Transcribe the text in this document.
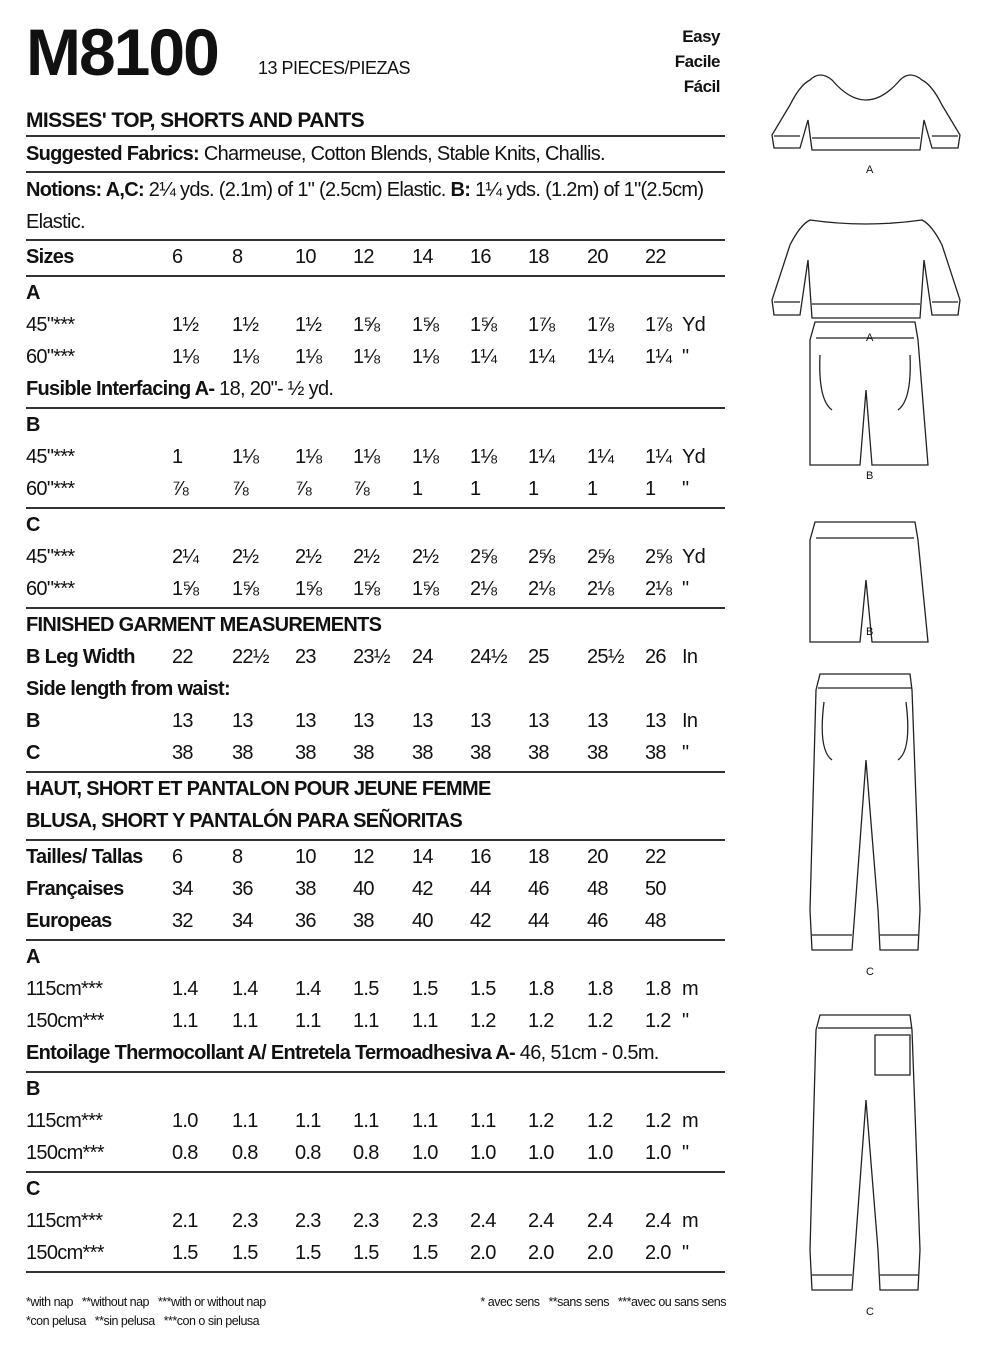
M8100 13 PIECES/PIEZAS
Easy
Facile
Fácil
MISSES' TOP, SHORTS AND PANTS
Suggested Fabrics: Charmeuse, Cotton Blends, Stable Knits, Challis.
Notions: A,C: 2¼ yds. (2.1m) of 1" (2.5cm) Elastic. B: 1¼ yds. (1.2m) of 1"(2.5cm) Elastic.
Sizes	6 8	10 12 14 16 18 20 22
A
45"***	1½ 1½ 1½ 1⅝ 1⅝ 1⅝ 1⅞ 1⅞ 1⅞ Yd
60"***	1⅛ 1⅛ 1⅛ 1⅛ 1⅛ 1¼ 1¼ 1¼ 1¼ "
Fusible Interfacing A- 18, 20"- ½ yd.
B
45"***	1 1⅛ 1⅛ 1⅛ 1⅛ 1⅛ 1¼ 1¼ 1¼ Yd
60"***	⅞ ⅞ ⅞ ⅞ 1 1 1 1 1 "
C
45"***	2¼ 2½ 2½ 2½ 2½ 2⅝ 2⅝ 2⅝ 2⅝ Yd
60"***	1⅝ 1⅝ 1⅝ 1⅝ 1⅝ 2⅛ 2⅛ 2⅛ 2⅛ "
FINISHED GARMENT MEASUREMENTS
B Leg Width 22 22½ 23 23½ 24 24½ 25 25½ 26 In
Side length from waist:
B	13 13 13 13 13 13 13 13 13 In
C	38 38 38 38 38 38 38 38 38 "
HAUT, SHORT ET PANTALON POUR JEUNE FEMME
BLUSA, SHORT Y PANTALÓN PARA SEÑORITAS
Tailles/ Tallas 6 8	10 12 14 16 18 20 22
Françaises 34 36 38 40 42 44 46 48 50
Europeas	32 34 36 38 40 42 44 46 48
A
115cm***	1.4 1.4 1.4 1.5 1.5 1.5 1.8 1.8 1.8 m
150cm***	1.1 1.1 1.1 1.1 1.1 1.2 1.2 1.2 1.2 "
Entoilage Thermocollant A/ Entretela Termoadhesiva A- 46, 51cm - 0.5m.
B
115cm***	1.0 1.1 1.1 1.1 1.1 1.1 1.2 1.2 1.2 m
150cm***	0.8 0.8 0.8 0.8 1.0 1.0 1.0 1.0 1.0 "
C
115cm***	2.1 2.3 2.3 2.3 2.3 2.4 2.4 2.4 2.4 m
150cm***	1.5 1.5 1.5 1.5 1.5 2.0 2.0 2.0 2.0 "
*with nap   **without nap   ***with or without nap
*con pelusa   **sin pelusa   ***con o sin pelusa
* avec sens   **sans sens   ***avec ou sans sens
A
A
B
B
C
C
